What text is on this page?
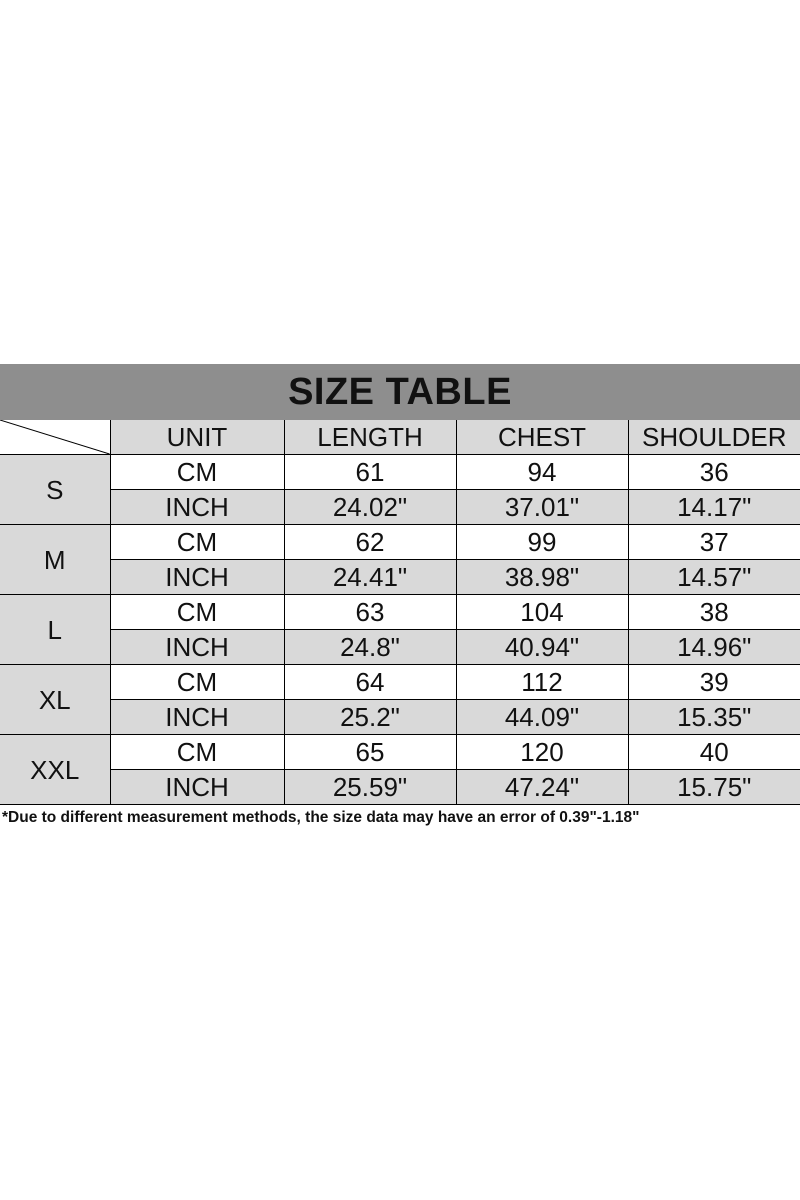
SIZE TABLE
	UNIT	LENGTH	CHEST	SHOULDER
S	CM	61	94	36
	INCH	24.02"	37.01"	14.17"
M	CM	62	99	37
	INCH	24.41"	38.98"	14.57"
L	CM	63	104	38
	INCH	24.8"	40.94"	14.96"
XL	CM	64	112	39
	INCH	25.2"	44.09"	15.35"
XXL	CM	65	120	40
	INCH	25.59"	47.24"	15.75"
*Due to different measurement methods, the size data may have an error of 0.39"-1.18"
